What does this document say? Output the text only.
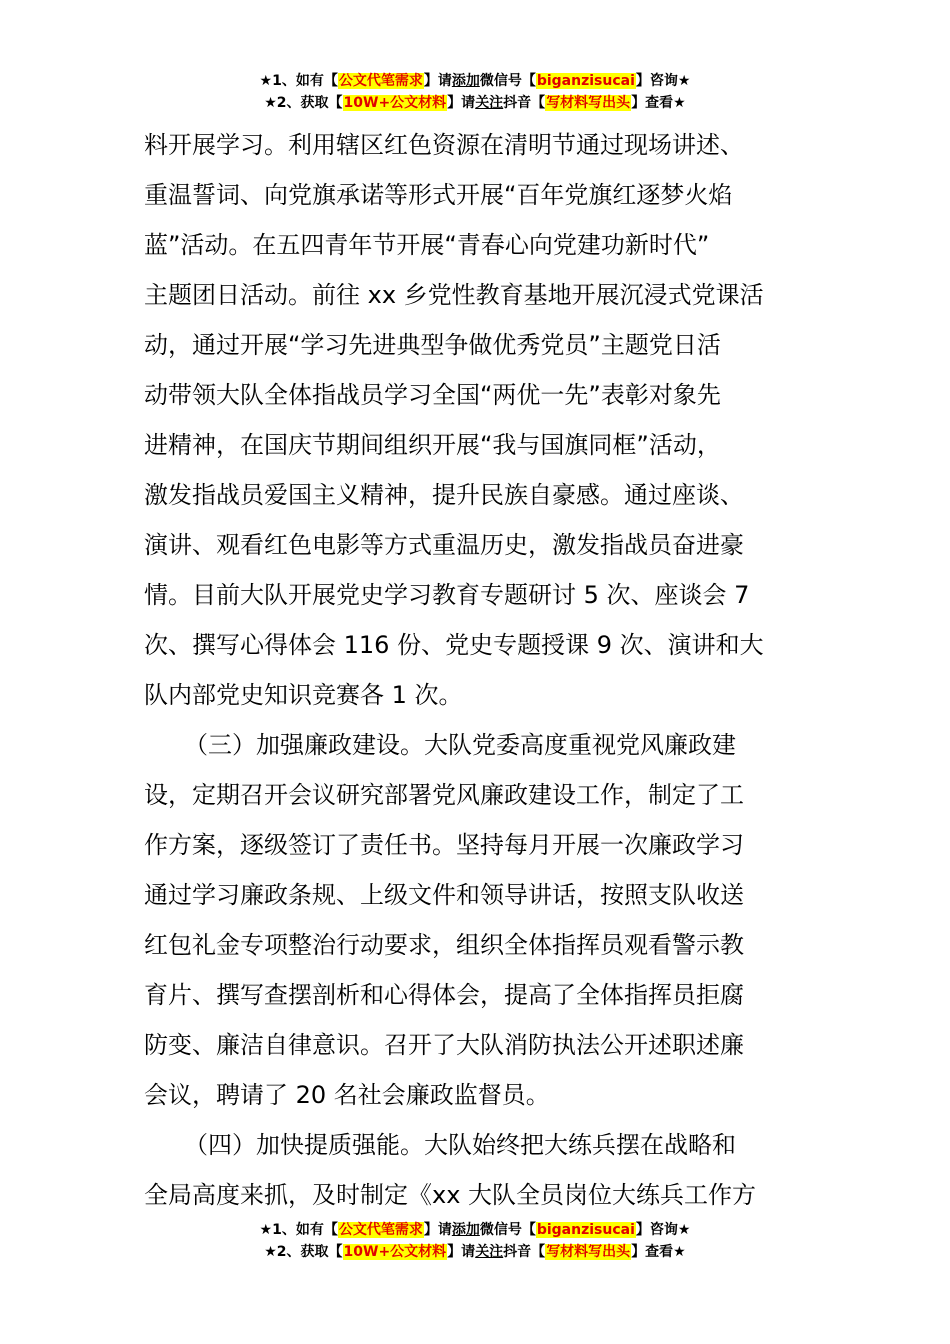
★1、如有【公文代笔需求】请添加微信号【biganzisucai】咨询★
★2、获取【10W+公文材料】请关注抖音【写材料写出头】查看★
料开展学习。利用辖区红色资源在清明节通过现场讲述、
重温誓词、向党旗承诺等形式开展“百年党旗红逐梦火焰
蓝”活动。在五四青年节开展“青春心向党建功新时代”
主题团日活动。前往 xx 乡党性教育基地开展沉浸式党课活
动，通过开展“学习先进典型争做优秀党员”主题党日活
动带领大队全体指战员学习全国“两优一先”表彰对象先
进精神，在国庆节期间组织开展“我与国旗同框”活动，
激发指战员爱国主义精神，提升民族自豪感。通过座谈、
演讲、观看红色电影等方式重温历史，激发指战员奋进豪
情。目前大队开展党史学习教育专题研讨 5 次、座谈会 7
次、撰写心得体会 116 份、党史专题授课 9 次、演讲和大
队内部党史知识竞赛各 1 次。
（三）加强廉政建设。大队党委高度重视党风廉政建
设，定期召开会议研究部署党风廉政建设工作，制定了工
作方案，逐级签订了责任书。坚持每月开展一次廉政学习
通过学习廉政条规、上级文件和领导讲话，按照支队收送
红包礼金专项整治行动要求，组织全体指挥员观看警示教
育片、撰写查摆剖析和心得体会，提高了全体指挥员拒腐
防变、廉洁自律意识。召开了大队消防执法公开述职述廉
会议，聘请了 20 名社会廉政监督员。
（四）加快提质强能。大队始终把大练兵摆在战略和
全局高度来抓，及时制定《xx 大队全员岗位大练兵工作方
★1、如有【公文代笔需求】请添加微信号【biganzisucai】咨询★
★2、获取【10W+公文材料】请关注抖音【写材料写出头】查看★
